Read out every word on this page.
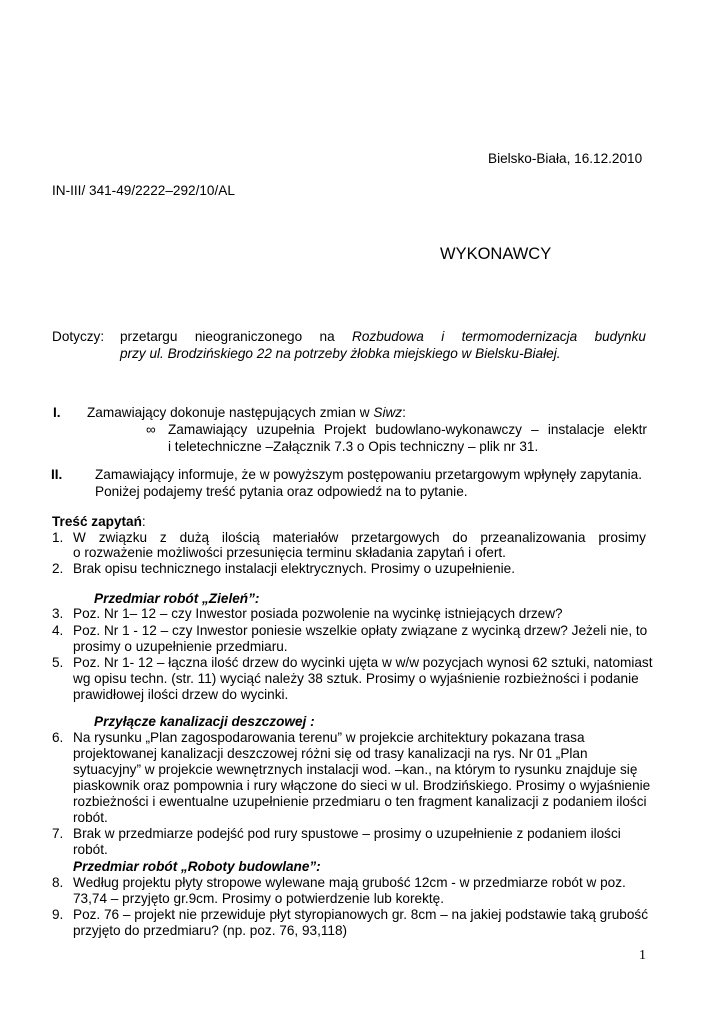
Bielsko-Biała, 16.12.2010
IN-III/ 341-49/2222–292/10/AL
WYKONAWCY
Dotyczy: przetargu nieograniczonego na Rozbudowa i termomodernizacja budynku
przy ul. Brodzińskiego 22 na potrzeby żłobka miejskiego w Bielsku-Białej.
I. Zamawiający dokonuje następujących zmian w Siwz:
∞ Zamawiający uzupełnia Projekt budowlano-wykonawczy – instalacje elektr
i teletechniczne –Załącznik 7.3 o Opis techniczny – plik nr 31.
II. Zamawiający informuje, że w powyższym postępowaniu przetargowym wpłynęły zapytania.
Poniżej podajemy treść pytania oraz odpowiedź na to pytanie.
Treść zapytań:
1. W związku z dużą ilością materiałów przetargowych do przeanalizowania prosimy
o rozważenie możliwości przesunięcia terminu składania zapytań i ofert.
2. Brak opisu technicznego instalacji elektrycznych. Prosimy o uzupełnienie.
Przedmiar robót „Zieleń”:
3. Poz. Nr 1– 12 – czy Inwestor posiada pozwolenie na wycinkę istniejących drzew?
4. Poz. Nr 1 - 12 – czy Inwestor poniesie wszelkie opłaty związane z wycinką drzew? Jeżeli nie, to
prosimy o uzupełnienie przedmiaru.
5. Poz. Nr 1- 12 – łączna ilość drzew do wycinki ujęta w w/w pozycjach wynosi 62 sztuki, natomiast
wg opisu techn. (str. 11) wyciąć należy 38 sztuk. Prosimy o wyjaśnienie rozbieżności i podanie
prawidłowej ilości drzew do wycinki.
Przyłącze kanalizacji deszczowej :
6. Na rysunku „Plan zagospodarowania terenu” w projekcie architektury pokazana trasa
projektowanej kanalizacji deszczowej różni się od trasy kanalizacji na rys. Nr 01 „Plan
sytuacyjny” w projekcie wewnętrznych instalacji wod. –kan., na którym to rysunku znajduje się
piaskownik oraz pompownia i rury włączone do sieci w ul. Brodzińskiego. Prosimy o wyjaśnienie
rozbieżności i ewentualne uzupełnienie przedmiaru o ten fragment kanalizacji z podaniem ilości
robót.
7. Brak w przedmiarze podejść pod rury spustowe – prosimy o uzupełnienie z podaniem ilości
robót.
Przedmiar robót „Roboty budowlane”:
8. Według projektu płyty stropowe wylewane mają grubość 12cm - w przedmiarze robót w poz.
73,74 – przyjęto gr.9cm. Prosimy o potwierdzenie lub korektę.
9. Poz. 76 – projekt nie przewiduje płyt styropianowych gr. 8cm – na jakiej podstawie taką grubość
przyjęto do przedmiaru? (np. poz. 76, 93,118)
1
